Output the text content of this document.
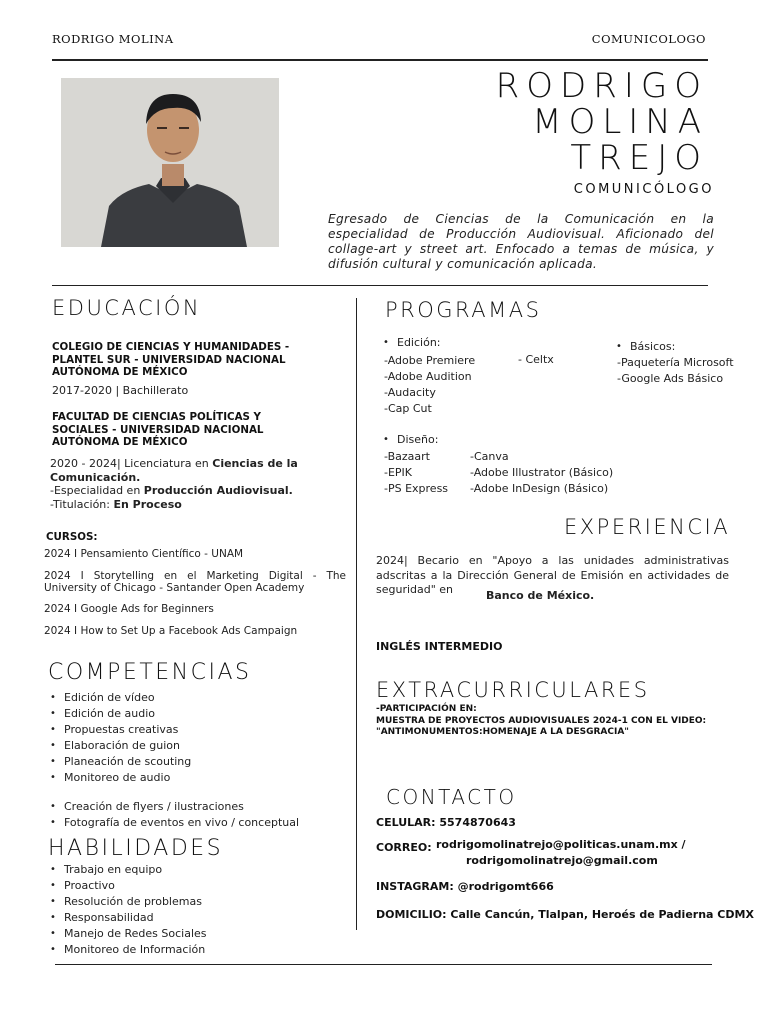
RODRIGO MOLINA	COMUNICOLOGO
RODRIGO
MOLINA
TREJO
COMUNICÓLOGO
Egresado de Ciencias de la Comunicación en la especialidad de Producción Audiovisual. Aficionado del collage-art y street art. Enfocado a temas de música, y difusión cultural y comunicación aplicada.
EDUCACIÓN
COLEGIO DE CIENCIAS Y HUMANIDADES - PLANTEL SUR - UNIVERSIDAD NACIONAL AUTÓNOMA DE MÉXICO
2017-2020 | Bachillerato
FACULTAD DE CIENCIAS POLÍTICAS Y SOCIALES - UNIVERSIDAD NACIONAL AUTÓNOMA DE MÉXICO
2020 - 2024| Licenciatura en Ciencias de la Comunicación.
-Especialidad en Producción Audiovisual.
-Titulación: En Proceso
CURSOS:
2024 I Pensamiento Científico - UNAM
2024 I Storytelling en el Marketing Digital - The University of Chicago - Santander Open Academy
2024 I Google Ads for Beginners
2024 I How to Set Up a Facebook Ads Campaign
COMPETENCIAS
• Edición de vídeo
• Edición de audio
• Propuestas creativas
• Elaboración de guion
• Planeación de scouting
• Monitoreo de audio
• Creación de flyers / ilustraciones
• Fotografía de eventos en vivo / conceptual
HABILIDADES
• Trabajo en equipo
• Proactivo
• Resolución de problemas
• Responsabilidad
• Manejo de Redes Sociales
• Monitoreo de Información
PROGRAMAS
• Edición:
-Adobe Premiere
-Adobe Audition
-Audacity
-Cap Cut
- Celtx
• Básicos:
-Paquetería Microsoft
-Google Ads Básico
• Diseño:
-Bazaart
-EPIK
-PS Express
-Canva
-Adobe Illustrator (Básico)
-Adobe InDesign (Básico)
EXPERIENCIA
2024| Becario en "Apoyo a las unidades administrativas adscritas a la Dirección General de Emisión en actividades de seguridad" en	Banco de México.
INGLÉS INTERMEDIO
EXTRACURRICULARES
-PARTICIPACIÓN EN:
MUESTRA DE PROYECTOS AUDIOVISUALES 2024-1 CON EL VIDEO:
"ANTIMONUMENTOS:HOMENAJE A LA DESGRACIA"
CONTACTO
CELULAR: 5574870643
CORREO: rodrigomolinatrejo@politicas.unam.mx /
rodrigomolinatrejo@gmail.com
INSTAGRAM: @rodrigomt666
DOMICILIO: Calle Cancún, Tlalpan, Heroés de Padierna CDMX
